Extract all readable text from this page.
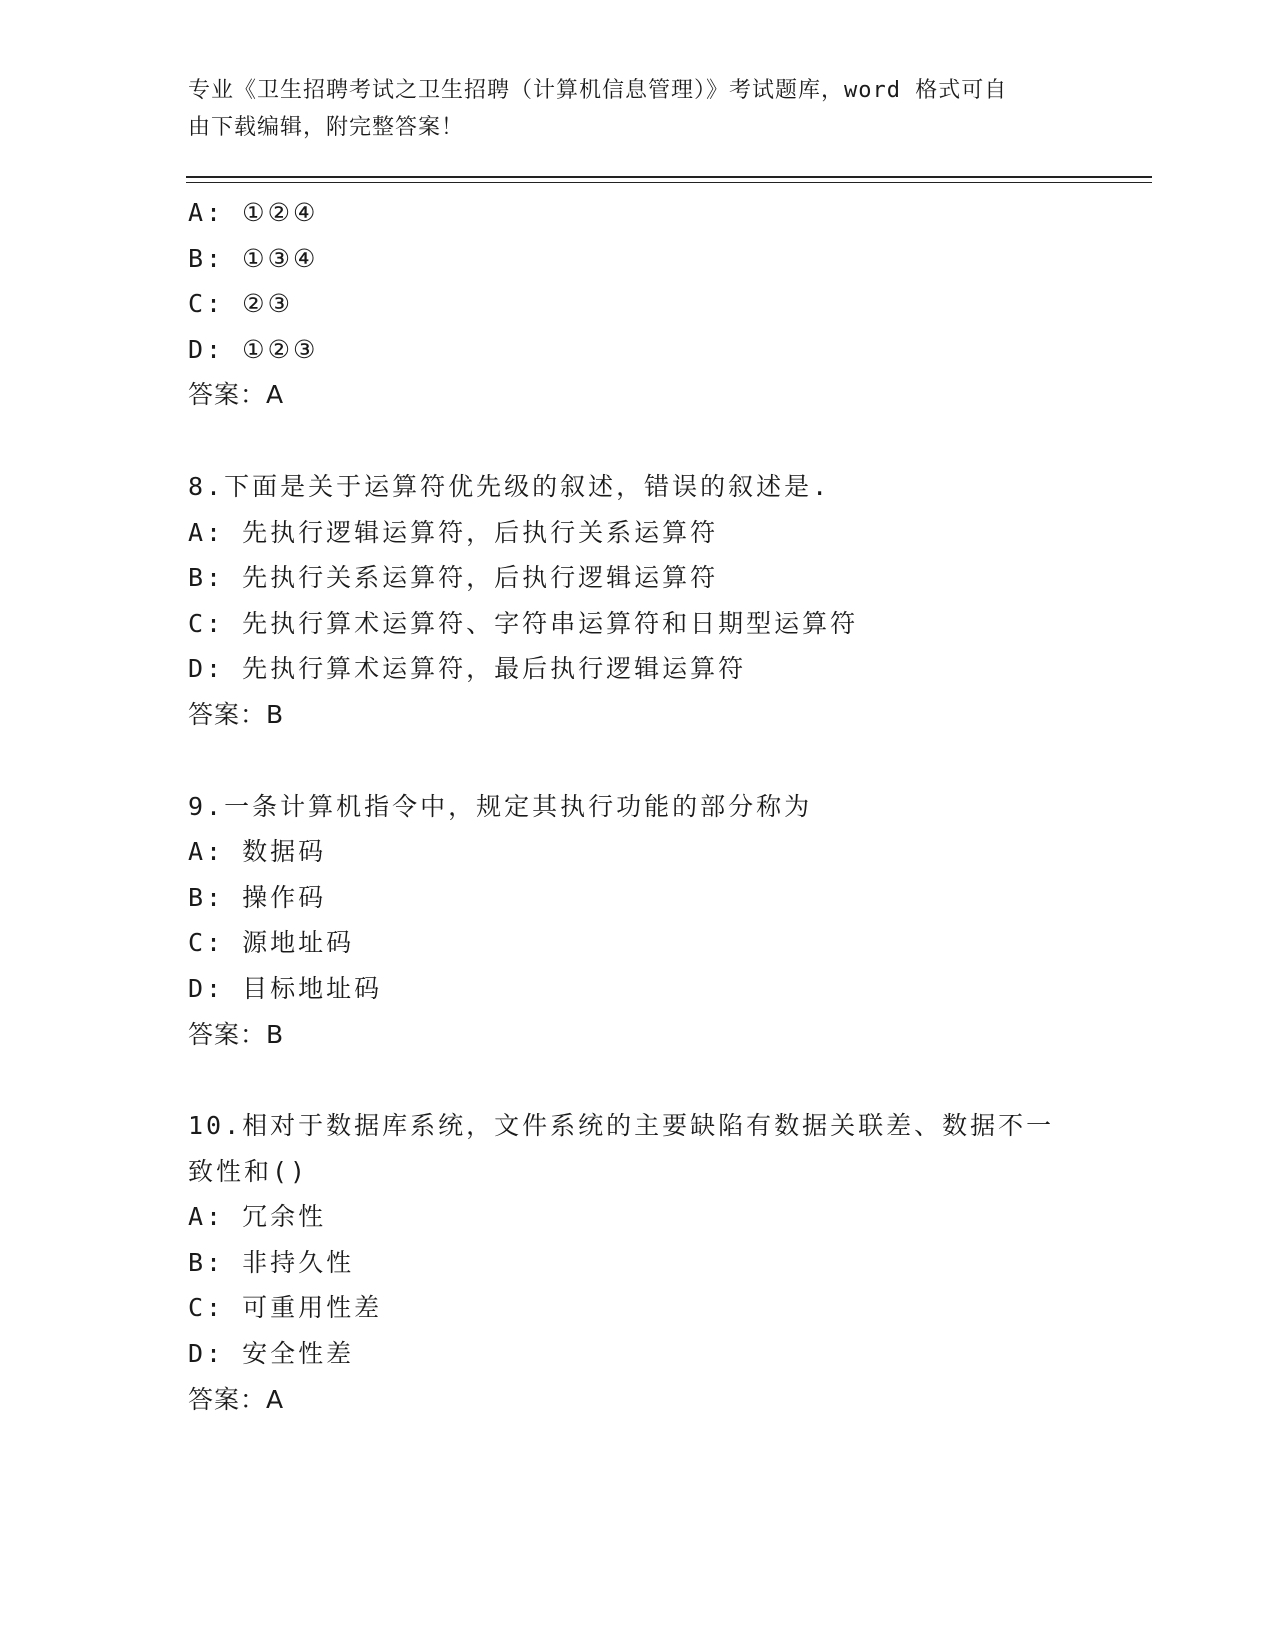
专业《卫生招聘考试之卫生招聘（计算机信息管理）》考试题库，word 格式可自
由下载编辑，附完整答案！
A: ①②④
B: ①③④
C: ②③
D: ①②③
答案：A
8.下面是关于运算符优先级的叙述，错误的叙述是.
A: 先执行逻辑运算符，后执行关系运算符
B: 先执行关系运算符，后执行逻辑运算符
C: 先执行算术运算符、字符串运算符和日期型运算符
D: 先执行算术运算符，最后执行逻辑运算符
答案：B
9.一条计算机指令中，规定其执行功能的部分称为
A: 数据码
B: 操作码
C: 源地址码
D: 目标地址码
答案：B
10.相对于数据库系统，文件系统的主要缺陷有数据关联差、数据不一
致性和()
A: 冗余性
B: 非持久性
C: 可重用性差
D: 安全性差
答案：A
